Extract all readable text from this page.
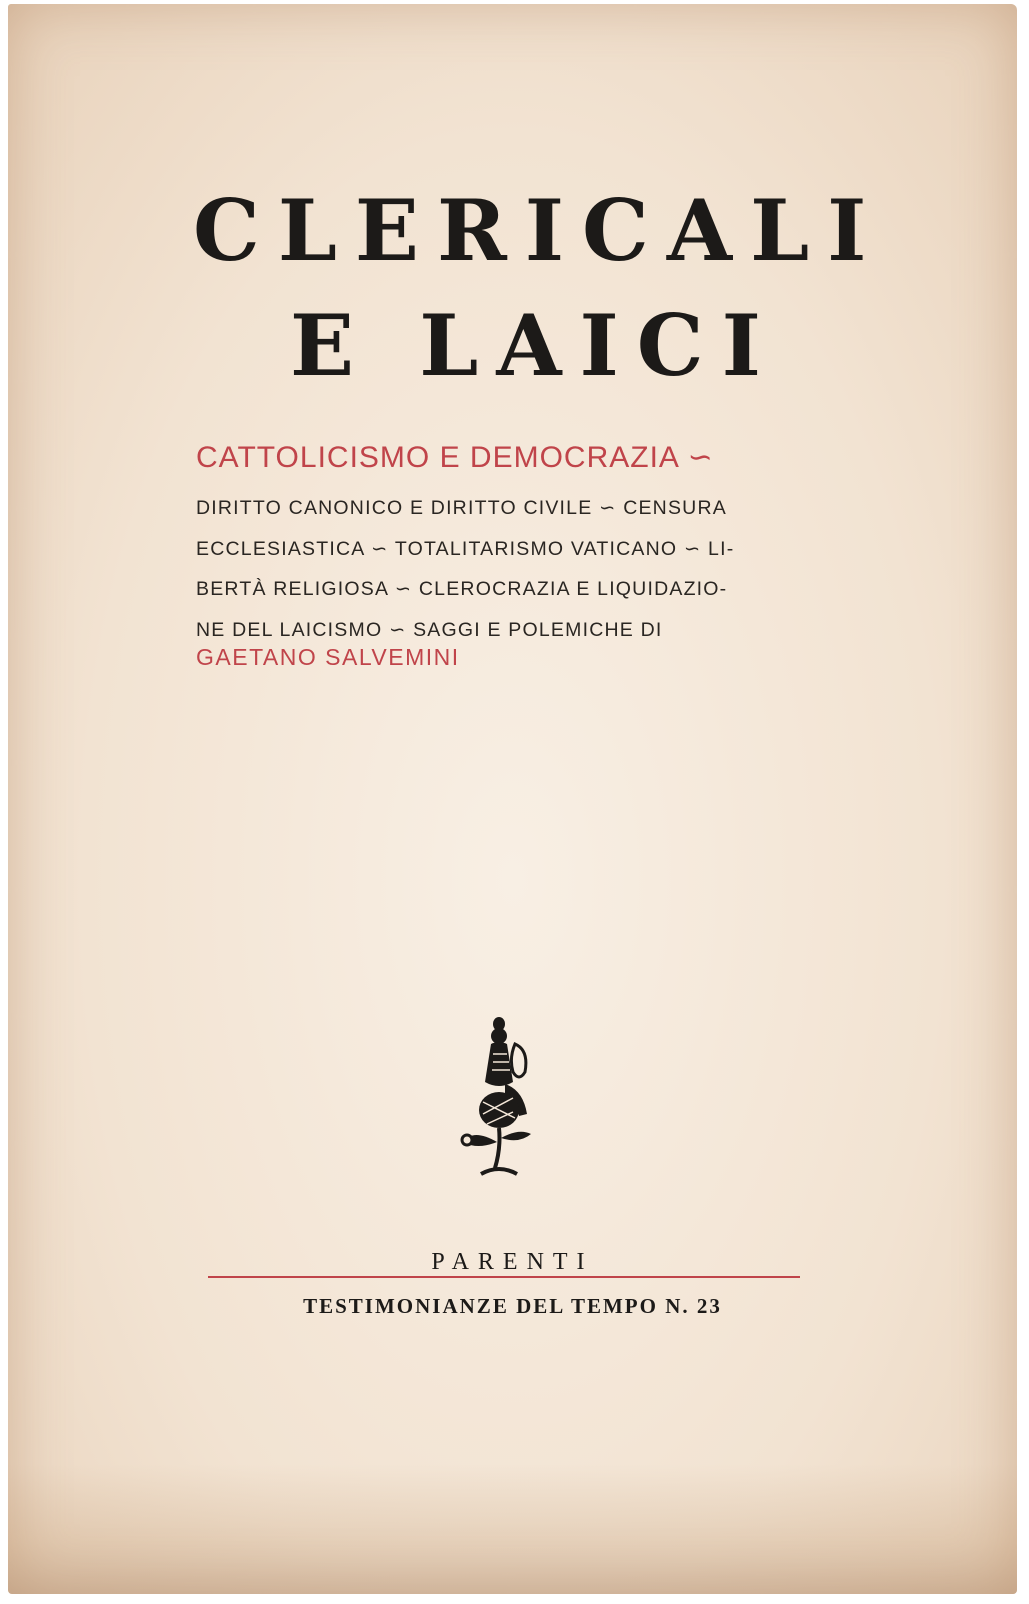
CLERICALI
E LAICI

CATTOLICISMO E DEMOCRAZIA ∽

DIRITTO CANONICO E DIRITTO CIVILE ∽ CENSURA
ECCLESIASTICA ∽ TOTALITARISMO VATICANO ∽ LI-
BERTÀ RELIGIOSA ∽ CLEROCRAZIA E LIQUIDAZIO-
NE DEL LAICISMO ∽ SAGGI E POLEMICHE DI
GAETANO SALVEMINI
PARENTI
TESTIMONIANZE DEL TEMPO N. 23
